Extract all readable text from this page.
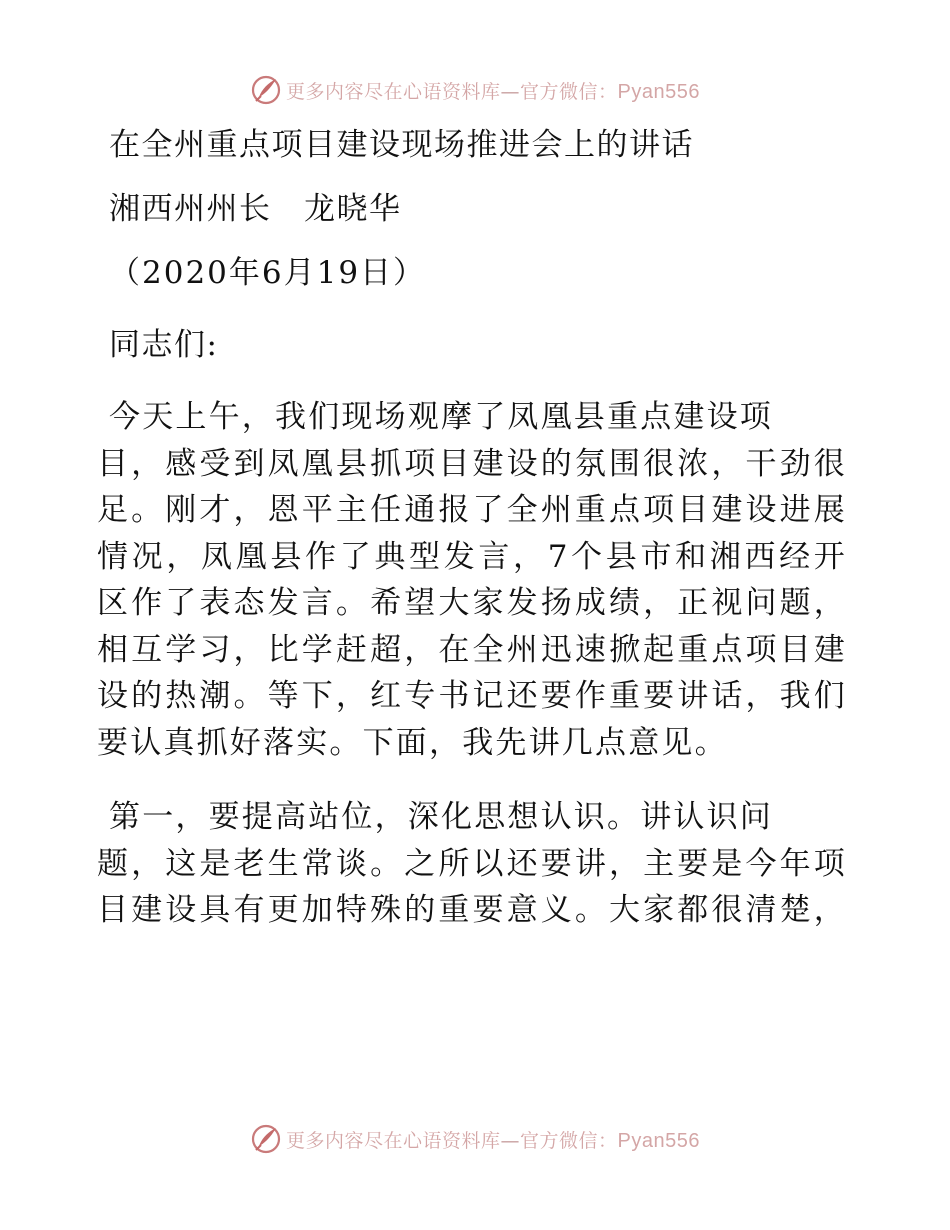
更多内容尽在心语资料库—官方微信：Pyan556
在全州重点项目建设现场推进会上的讲话
湘西州州长　龙晓华
（2020年6月19日）
同志们:
今天上午，我们现场观摩了凤凰县重点建设项
目，感受到凤凰县抓项目建设的氛围很浓，干劲很
足。刚才，恩平主任通报了全州重点项目建设进展
情况，凤凰县作了典型发言，7个县市和湘西经开
区作了表态发言。希望大家发扬成绩，正视问题，
相互学习，比学赶超，在全州迅速掀起重点项目建
设的热潮。等下，红专书记还要作重要讲话，我们
要认真抓好落实。下面，我先讲几点意见。
第一，要提高站位，深化思想认识。讲认识问
题，这是老生常谈。之所以还要讲，主要是今年项
目建设具有更加特殊的重要意义。大家都很清楚，
更多内容尽在心语资料库—官方微信：Pyan556
